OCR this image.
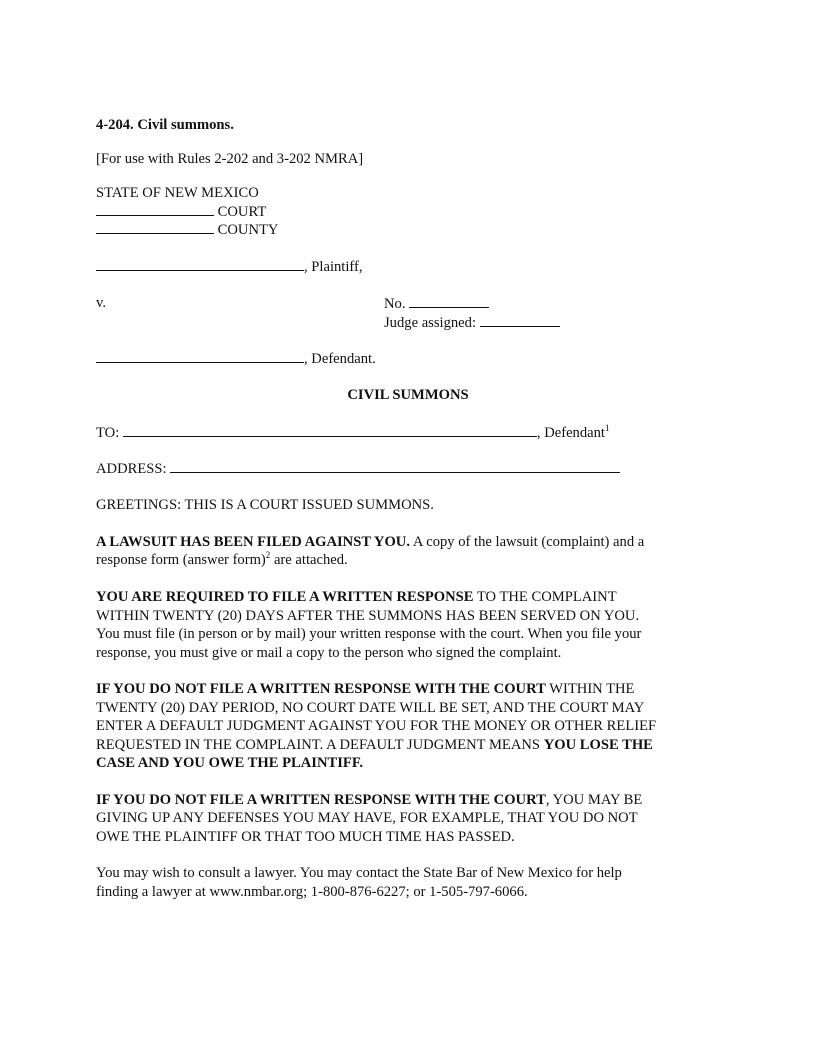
4-204. Civil summons.
[For use with Rules 2-202 and 3-202 NMRA]
STATE OF NEW MEXICO
COURT
COUNTY
, Plaintiff,
v.	No.
Judge assigned:
, Defendant.
CIVIL SUMMONS
TO:	, Defendant$^1$
ADDRESS:
GREETINGS: THIS IS A COURT ISSUED SUMMONS.
A LAWSUIT HAS BEEN FILED AGAINST YOU. A copy of the lawsuit (complaint) and a
response form (answer form)$^2$ are attached.
YOU ARE REQUIRED TO FILE A WRITTEN RESPONSE TO THE COMPLAINT
WITHIN TWENTY (20) DAYS AFTER THE SUMMONS HAS BEEN SERVED ON YOU.
You must file (in person or by mail) your written response with the court. When you file your
response, you must give or mail a copy to the person who signed the complaint.
IF YOU DO NOT FILE A WRITTEN RESPONSE WITH THE COURT WITHIN THE
TWENTY (20) DAY PERIOD, NO COURT DATE WILL BE SET, AND THE COURT MAY
ENTER A DEFAULT JUDGMENT AGAINST YOU FOR THE MONEY OR OTHER RELIEF
REQUESTED IN THE COMPLAINT. A DEFAULT JUDGMENT MEANS YOU LOSE THE
CASE AND YOU OWE THE PLAINTIFF.
IF YOU DO NOT FILE A WRITTEN RESPONSE WITH THE COURT, YOU MAY BE
GIVING UP ANY DEFENSES YOU MAY HAVE, FOR EXAMPLE, THAT YOU DO NOT
OWE THE PLAINTIFF OR THAT TOO MUCH TIME HAS PASSED.
You may wish to consult a lawyer. You may contact the State Bar of New Mexico for help
finding a lawyer at www.nmbar.org; 1-800-876-6227; or 1-505-797-6066.
